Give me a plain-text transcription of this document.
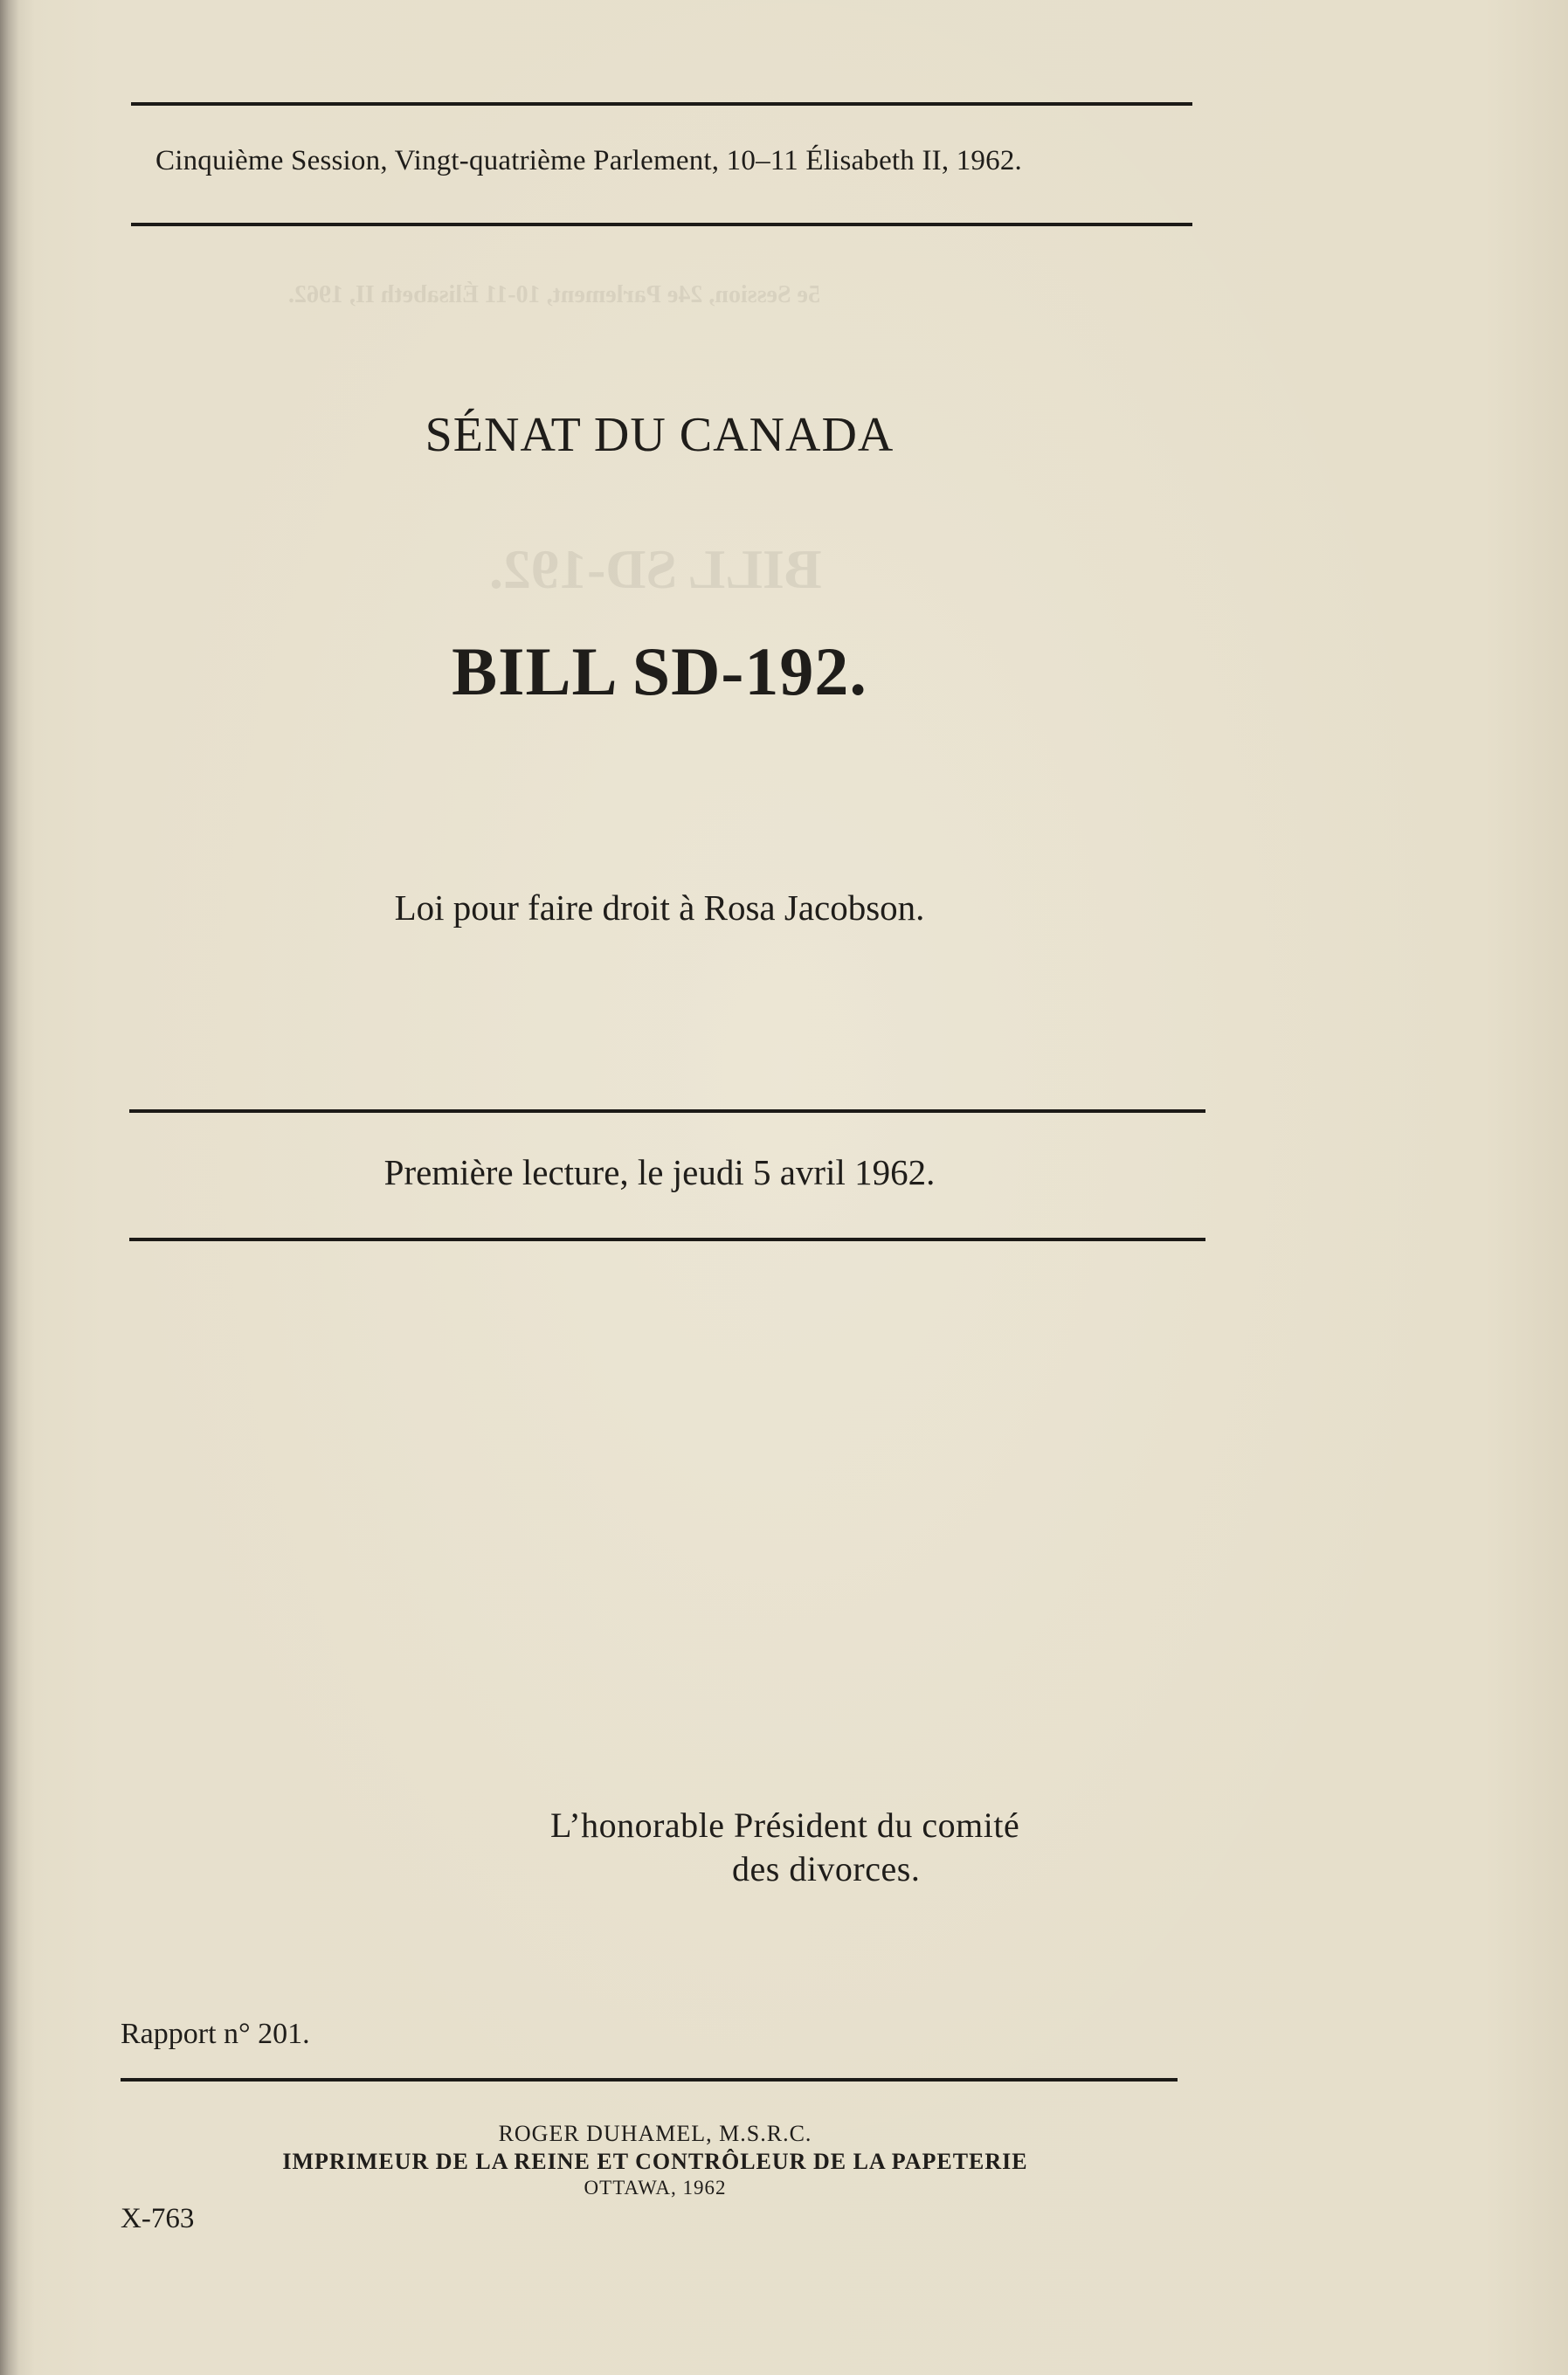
BILL SD-192.
5e Session, 24e Parlement, 10-11 Élisabeth II, 1962.
Cinquième Session, Vingt-quatrième Parlement, 10–11 Élisabeth II, 1962.
SÉNAT DU CANADA
BILL SD-192.
Loi pour faire droit à Rosa Jacobson.
Première lecture, le jeudi 5 avril 1962.
L’honorable Président du comité
des divorces.
Rapport n° 201.
ROGER DUHAMEL, M.S.R.C.
IMPRIMEUR DE LA REINE ET CONTRÔLEUR DE LA PAPETERIE
OTTAWA, 1962
X-763
